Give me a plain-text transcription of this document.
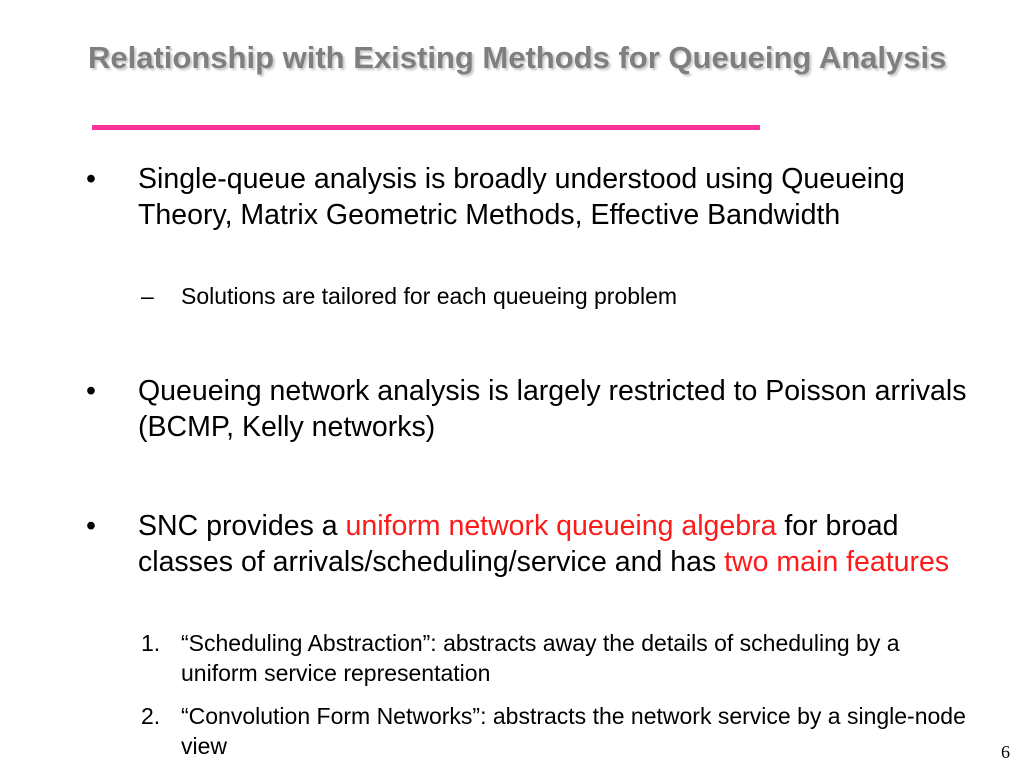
Relationship with Existing Methods for Queueing Analysis
•	Single-queue analysis is broadly understood using Queueing Theory, Matrix Geometric Methods, Effective Bandwidth
– Solutions are tailored for each queueing problem
•	Queueing network analysis is largely restricted to Poisson arrivals (BCMP, Kelly networks)
•	SNC provides a uniform network queueing algebra for broad classes of arrivals/scheduling/service and has two main features
1. “Scheduling Abstraction”: abstracts away the details of scheduling by a uniform service representation
2. “Convolution Form Networks”: abstracts the network service by a single-node view	6
